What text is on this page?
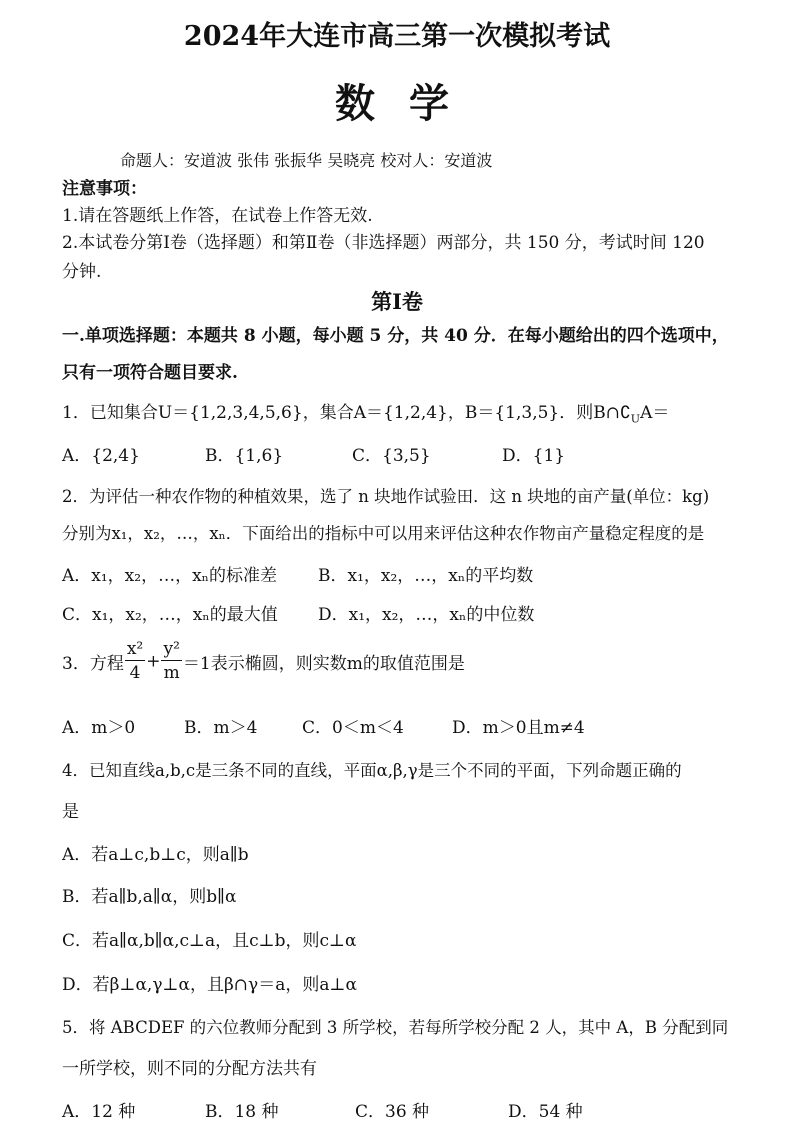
2024年大连市高三第一次模拟考试
数 学
命题人：安道波 张伟 张振华 吴晓亮 校对人：安道波
注意事项：
1.请在答题纸上作答，在试卷上作答无效.
2.本试卷分第Ⅰ卷（选择题）和第Ⅱ卷（非选择题）两部分，共 150 分，考试时间 120
分钟.
第Ⅰ卷
一.单项选择题：本题共 8 小题，每小题 5 分，共 40 分．在每小题给出的四个选项中，
只有一项符合题目要求.
1．已知集合U＝{1,2,3,4,5,6}，集合A＝{1,2,4}，B＝{1,3,5}．则$B\cap∁_UA=$
A．{2,4}	B．{1,6}	C．{3,5}	D．{1}
2．为评估一种农作物的种植效果，选了 n 块地作试验田．这 n 块地的亩产量(单位：kg)
分别为x₁，x₂，…，xₙ．下面给出的指标中可以用来评估这种农作物亩产量稳定程度的是
A．x₁，x₂，…，xₙ的标准差 B．x₁，x₂，…，xₙ的平均数
C．x₁，x₂，…，xₙ的最大值 D．x₁，x₂，…，xₙ的中位数
3．方程 $\frac{\text{x²}}{4} + \frac{\text{y²}}{m} =1$表示椭圆，则实数m的取值范围是
A．m＞0	B．m＞4	C．0＜m＜4	D．m＞0且m≠4
4．已知直线a,b,c是三条不同的直线，平面α,β,γ是三个不同的平面，下列命题正确的
是
A．若a⊥c,b⊥c，则a∥b
B．若a∥b,a∥α，则b∥α
C．若a∥α,b∥α,c⊥a，且c⊥b，则c⊥α
D．若β⊥α,γ⊥α，且β∩γ＝a，则a⊥α
5．将 ABCDEF 的六位教师分配到 3 所学校，若每所学校分配 2 人，其中 A，B 分配到同
一所学校，则不同的分配方法共有
A．12 种	B．18 种	C．36 种	D．54 种
